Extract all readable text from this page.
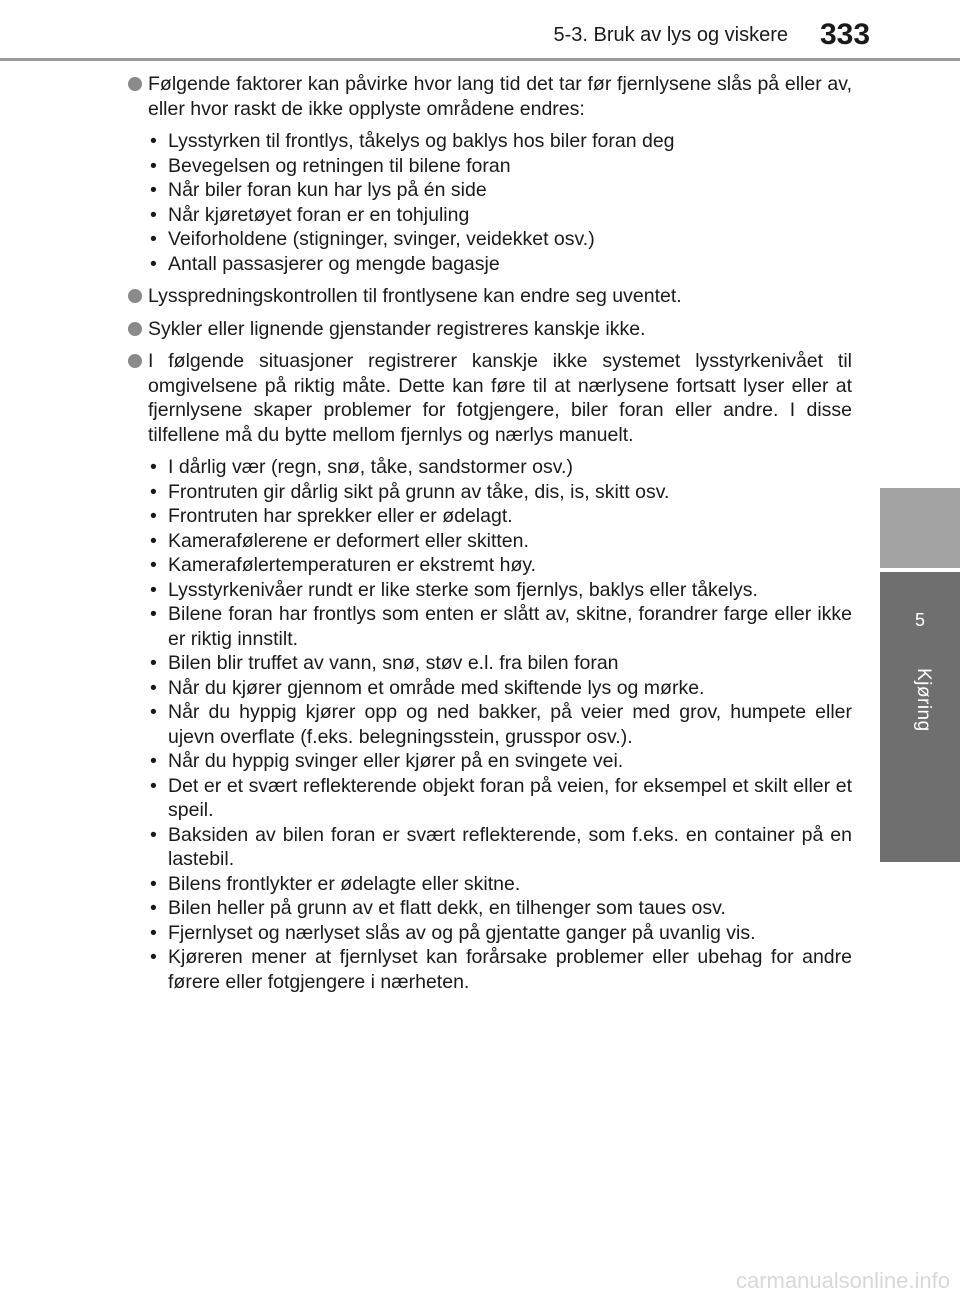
5-3. Bruk av lys og viskere 333
5
Kjøring
Følgende faktorer kan påvirke hvor lang tid det tar før fjernlysene slås på eller av, eller hvor raskt de ikke opplyste områdene endres:
• Lysstyrken til frontlys, tåkelys og baklys hos biler foran deg
• Bevegelsen og retningen til bilene foran
• Når biler foran kun har lys på én side
• Når kjøretøyet foran er en tohjuling
• Veiforholdene (stigninger, svinger, veidekket osv.)
• Antall passasjerer og mengde bagasje
Lysspredningskontrollen til frontlysene kan endre seg uventet.
Sykler eller lignende gjenstander registreres kanskje ikke.
I følgende situasjoner registrerer kanskje ikke systemet lysstyrkenivået til omgivelsene på riktig måte. Dette kan føre til at nærlysene fortsatt lyser eller at fjernlysene skaper problemer for fotgjengere, biler foran eller andre. I disse tilfellene må du bytte mellom fjernlys og nærlys manuelt.
• I dårlig vær (regn, snø, tåke, sandstormer osv.)
• Frontruten gir dårlig sikt på grunn av tåke, dis, is, skitt osv.
• Frontruten har sprekker eller er ødelagt.
• Kamerafølerene er deformert eller skitten.
• Kamerafølertemperaturen er ekstremt høy.
• Lysstyrkenivåer rundt er like sterke som fjernlys, baklys eller tåkelys.
• Bilene foran har frontlys som enten er slått av, skitne, forandrer farge eller ikke er riktig innstilt.
• Bilen blir truffet av vann, snø, støv e.l. fra bilen foran
• Når du kjører gjennom et område med skiftende lys og mørke.
• Når du hyppig kjører opp og ned bakker, på veier med grov, humpete eller ujevn overflate (f.eks. belegningsstein, grusspor osv.).
• Når du hyppig svinger eller kjører på en svingete vei.
• Det er et svært reflekterende objekt foran på veien, for eksempel et skilt eller et speil.
• Baksiden av bilen foran er svært reflekterende, som f.eks. en container på en lastebil.
• Bilens frontlykter er ødelagte eller skitne.
• Bilen heller på grunn av et flatt dekk, en tilhenger som taues osv.
• Fjernlyset og nærlyset slås av og på gjentatte ganger på uvanlig vis.
• Kjøreren mener at fjernlyset kan forårsake problemer eller ubehag for andre førere eller fotgjengere i nærheten.
carmanualsonline.info
